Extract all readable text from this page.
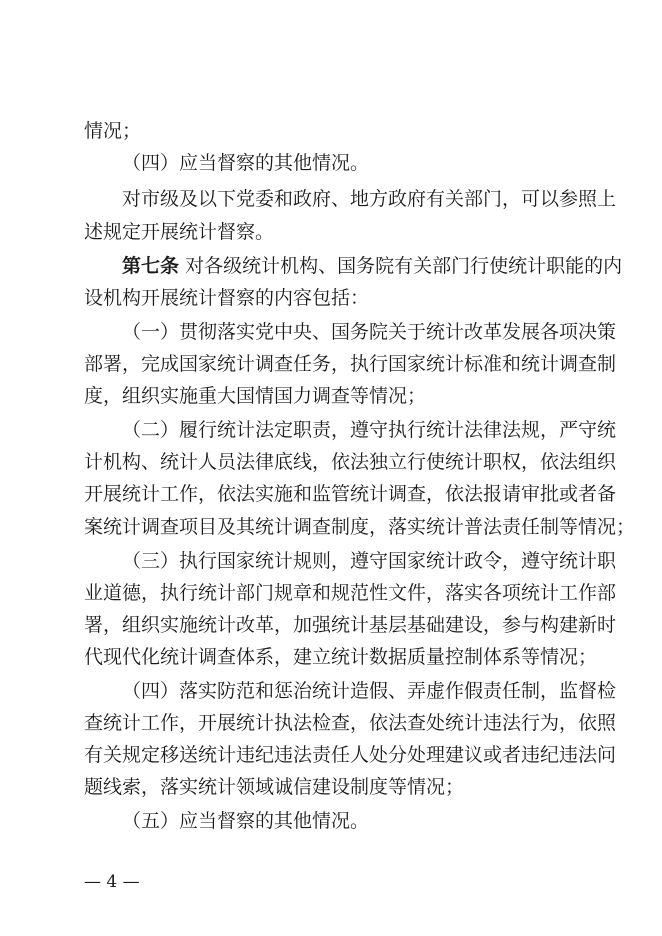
情况；
（四）应当督察的其他情况。
对市级及以下党委和政府、地方政府有关部门，可以参照上
述规定开展统计督察。
第七条 对各级统计机构、国务院有关部门行使统计职能的内
设机构开展统计督察的内容包括：
（一）贯彻落实党中央、国务院关于统计改革发展各项决策
部署，完成国家统计调查任务，执行国家统计标准和统计调查制
度，组织实施重大国情国力调查等情况；
（二）履行统计法定职责，遵守执行统计法律法规，严守统
计机构、统计人员法律底线，依法独立行使统计职权，依法组织
开展统计工作，依法实施和监管统计调查，依法报请审批或者备
案统计调查项目及其统计调查制度，落实统计普法责任制等情况；
（三）执行国家统计规则，遵守国家统计政令，遵守统计职
业道德，执行统计部门规章和规范性文件，落实各项统计工作部
署，组织实施统计改革，加强统计基层基础建设，参与构建新时
代现代化统计调查体系，建立统计数据质量控制体系等情况；
（四）落实防范和惩治统计造假、弄虚作假责任制，监督检
查统计工作，开展统计执法检查，依法查处统计违法行为，依照
有关规定移送统计违纪违法责任人处分处理建议或者违纪违法问
题线索，落实统计领域诚信建设制度等情况；
（五）应当督察的其他情况。
— 4 —
